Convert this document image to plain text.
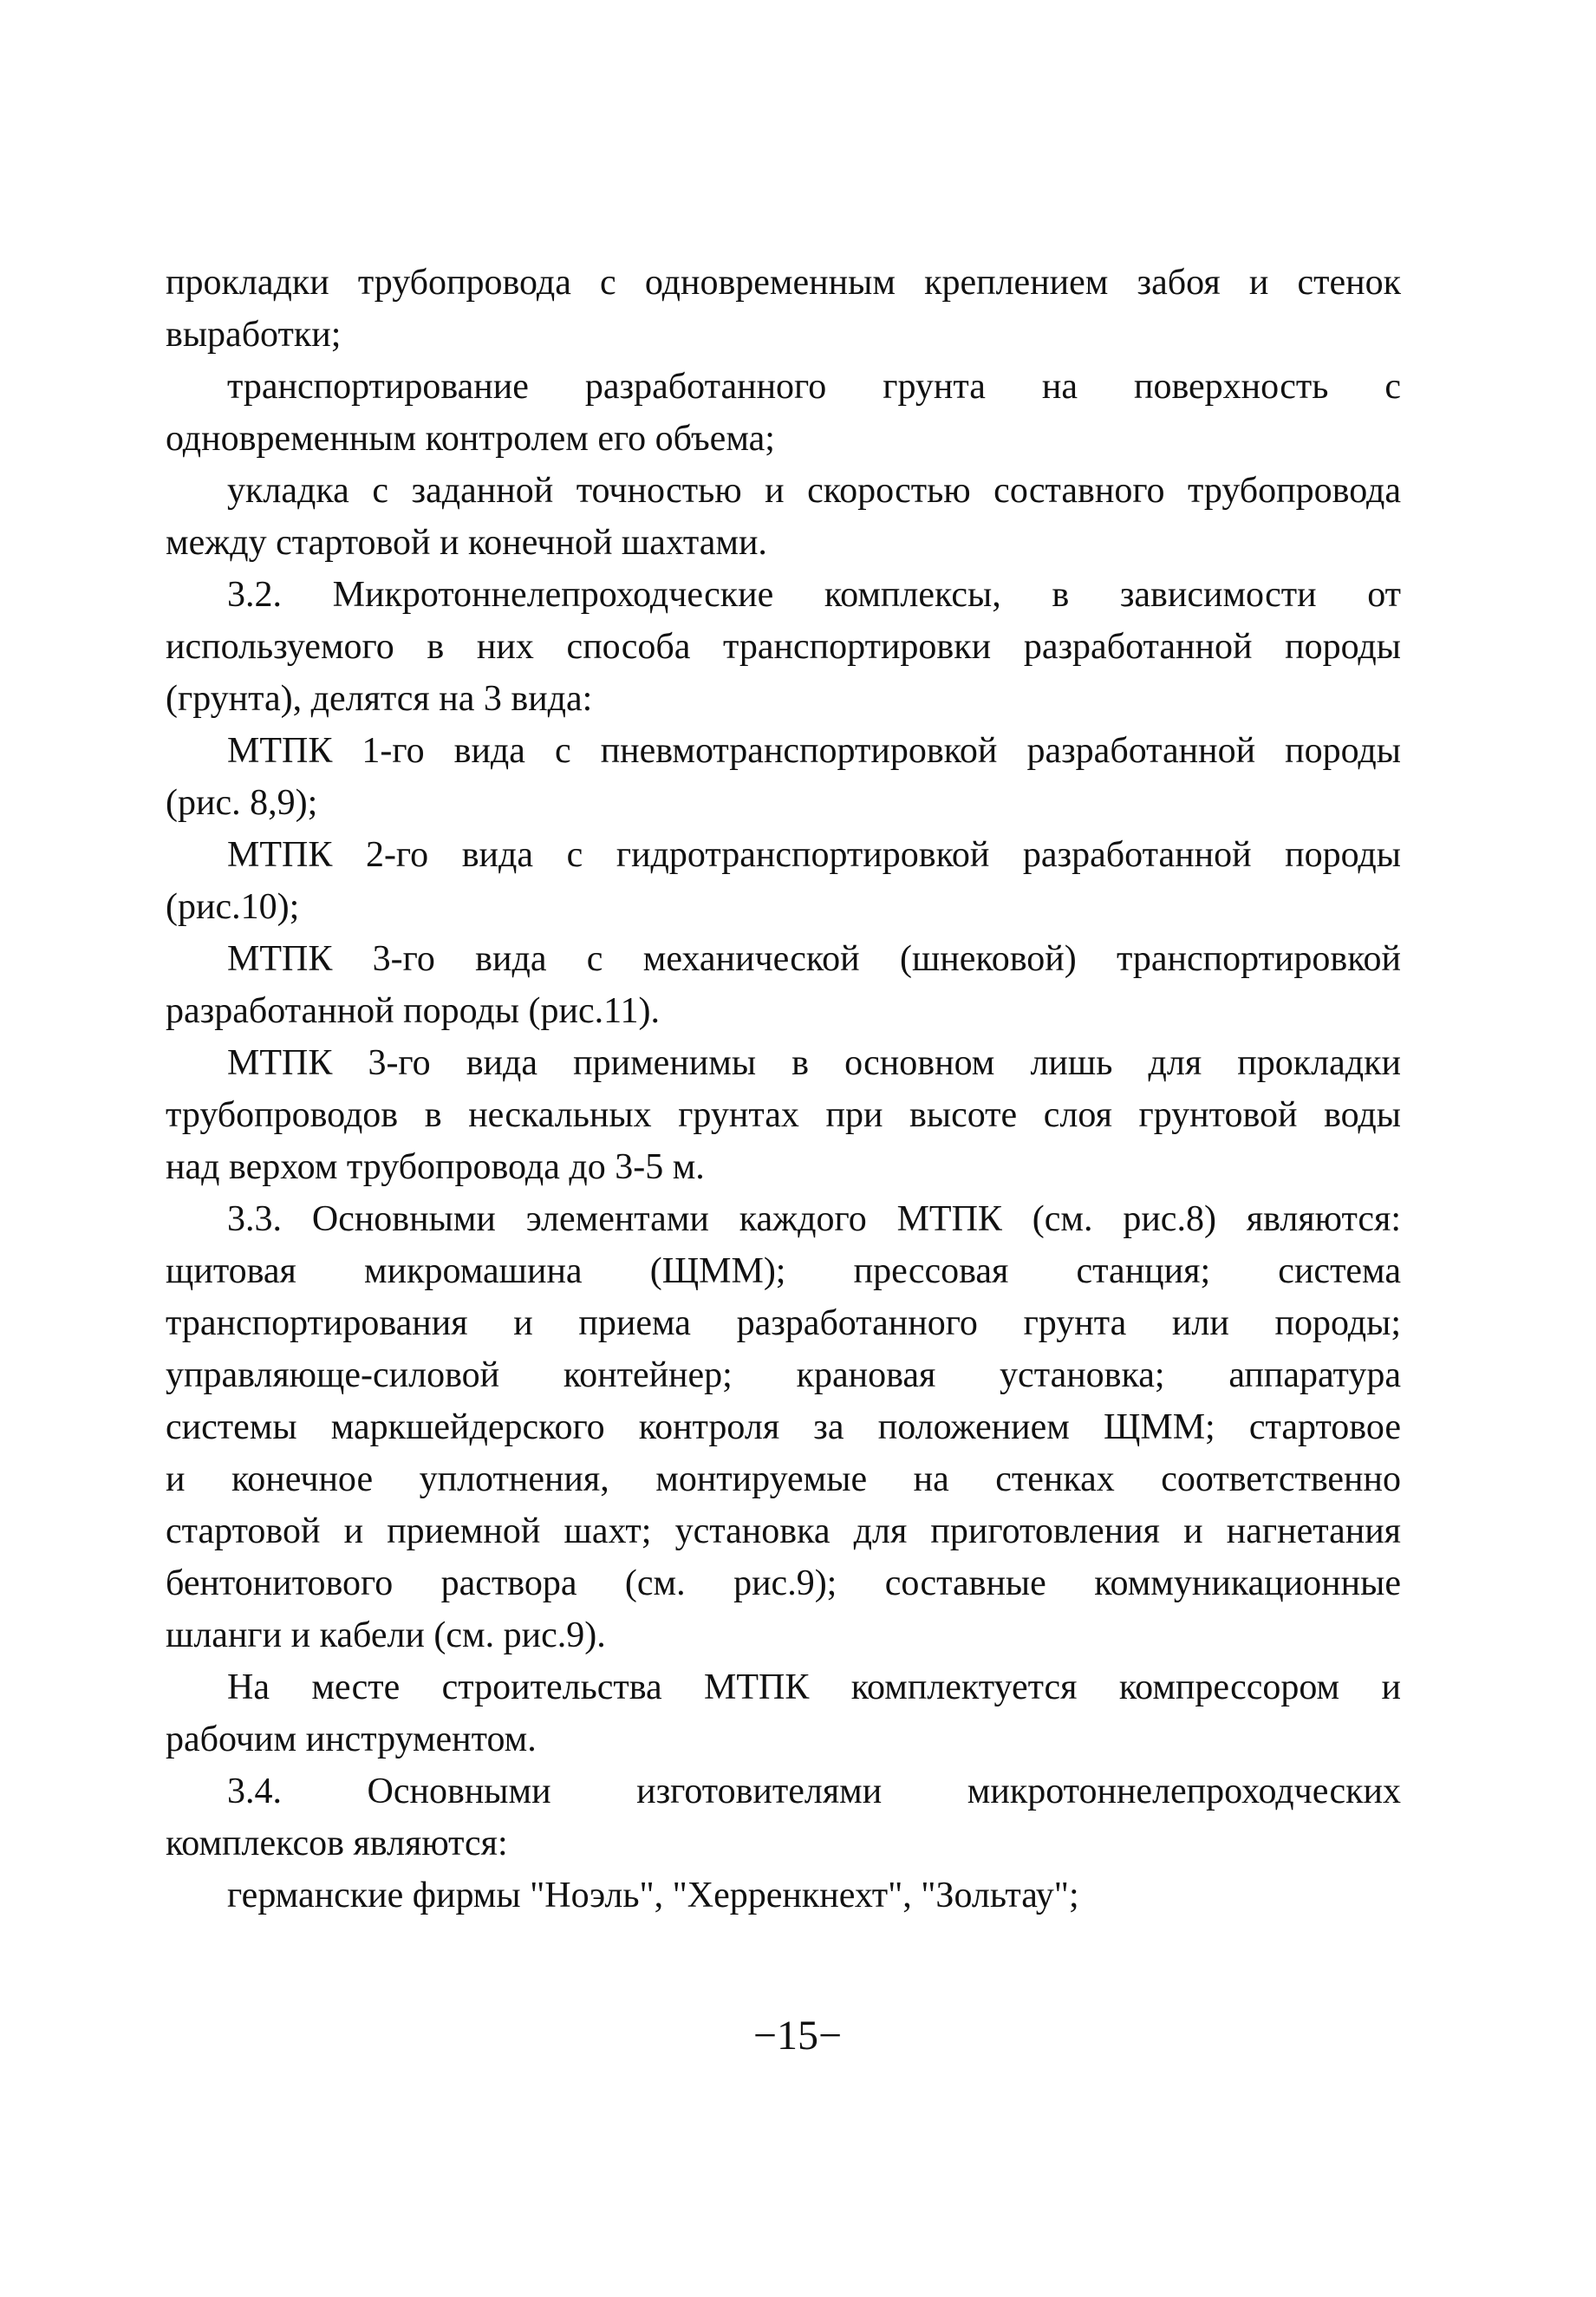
прокладки трубопровода с одновременным креплением забоя и стенок
выработки;
транспортирование разработанного грунта на поверхность с
одновременным контролем его объема;
укладка с заданной точностью и скоростью составного трубопровода
между стартовой и конечной шахтами.
3.2. Микротоннелепроходческие комплексы, в зависимости от
используемого в них способа транспортировки разработанной породы
(грунта), делятся на 3 вида:
МТПК 1-го вида с пневмотранспортировкой разработанной породы
(рис. 8,9);
МТПК 2-го вида с гидротранспортировкой разработанной породы
(рис.10);
МТПК 3-го вида с механической (шнековой) транспортировкой
разработанной породы (рис.11).
МТПК 3-го вида применимы в основном лишь для прокладки
трубопроводов в нескальных грунтах при высоте слоя грунтовой воды
над верхом трубопровода до 3-5 м.
3.3. Основными элементами каждого МТПК (см. рис.8) являются:
щитовая микромашина (ЩММ); прессовая станция; система
транспортирования и приема разработанного грунта или породы;
управляюще-силовой контейнер; крановая установка; аппаратура
системы маркшейдерского контроля за положением ЩММ; стартовое
и конечное уплотнения, монтируемые на стенках соответственно
стартовой и приемной шахт; установка для приготовления и нагнетания
бентонитового раствора (см. рис.9); составные коммуникационные
шланги и кабели (см. рис.9).
На месте строительства МТПК комплектуется компрессором и
рабочим инструментом.
3.4. Основными изготовителями микротоннелепроходческих
комплексов являются:
германские фирмы "Ноэль", "Херренкнехт", "Зольтау";
−15−
